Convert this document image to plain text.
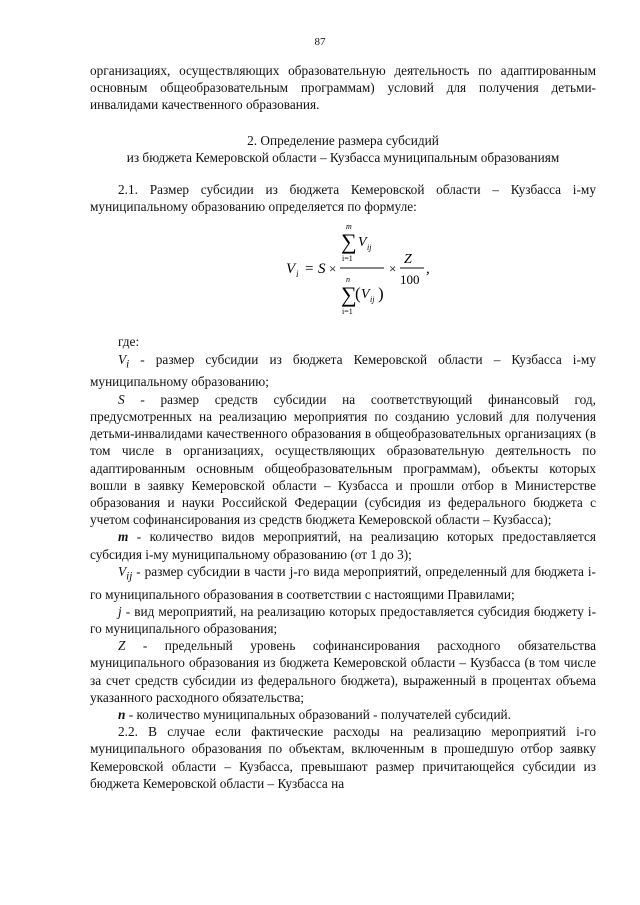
87

организациях, осуществляющих образовательную деятельность по адаптированным основным общеобразовательным программам) условий для получения детьми-инвалидами качественного образования.

2. Определение размера субсидий
из бюджета Кемеровской области – Кузбасса муниципальным образованиям

2.1. Размер субсидии из бюджета Кемеровской области – Кузбасса i-му муниципальному образованию определяется по формуле:

V i = S ×
m
∑
i=1
V ij
n
∑
i=1
( V ij )
×
Z
100
,

где:

$V_i$ - размер субсидии из бюджета Кемеровской области – Кузбасса i-му муниципальному образованию;

S - размер средств субсидии на соответствующий финансовый год, предусмотренных на реализацию мероприятия по созданию условий для получения детьми-инвалидами качественного образования в общеобразовательных организациях (в том числе в организациях, осуществляющих образовательную деятельность по адаптированным основным общеобразовательным программам), объекты которых вошли в заявку Кемеровской области – Кузбасса и прошли отбор в Министерстве образования и науки Российской Федерации (субсидия из федерального бюджета с учетом софинансирования из средств бюджета Кемеровской области – Кузбасса);

m - количество видов мероприятий, на реализацию которых предоставляется субсидия i-му муниципальному образованию (от 1 до 3);

$V_{ij}$ - размер субсидии в части j-го вида мероприятий, определенный для бюджета i-го муниципального образования в соответствии с настоящими Правилами;

j - вид мероприятий, на реализацию которых предоставляется субсидия бюджету i-го муниципального образования;

Z - предельный уровень софинансирования расходного обязательства муниципального образования из бюджета Кемеровской области – Кузбасса (в том числе за счет средств субсидии из федерального бюджета), выраженный в процентах объема указанного расходного обязательства;

n - количество муниципальных образований - получателей субсидий.

2.2. В случае если фактические расходы на реализацию мероприятий i-го муниципального образования по объектам, включенным в прошедшую отбор заявку Кемеровской области – Кузбасса, превышают размер причитающейся субсидии из бюджета Кемеровской области – Кузбасса на
